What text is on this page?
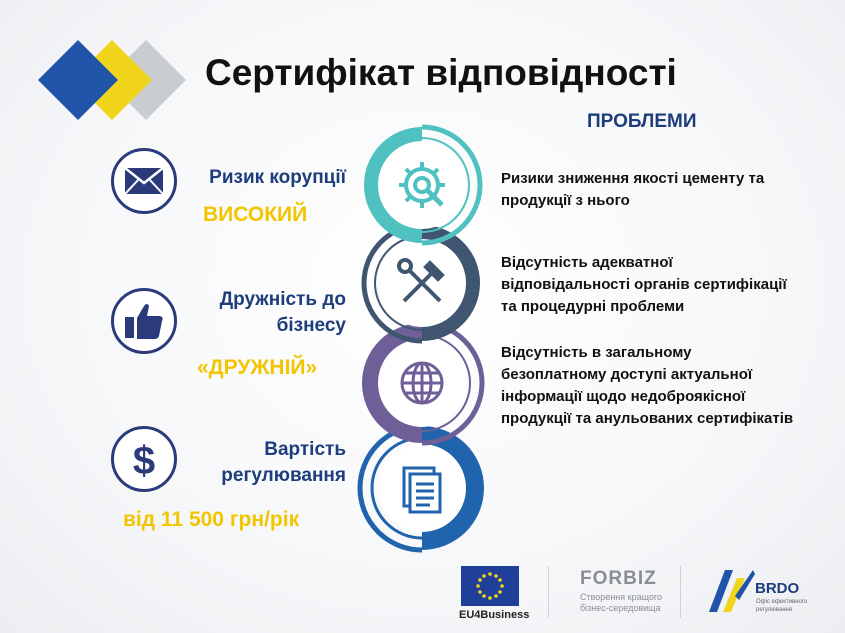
Сертифікат відповідності
ПРОБЛЕМИ
Ризик корупції
ВИСОКИЙ
Дружність до
бізнесу
«ДРУЖНІЙ»
$	Вартість
регулювання
від 11 500 грн/рік
Ризики зниження якості цементу та
продукції з нього
Відсутність адекватної
відповідальності органів сертифікації
та процедурні проблеми
Відсутність в загальному
безоплатному доступі актуальної
інформації щодо недоброякісної
продукції та анульованих сертифікатів
EU4Business
FORBIZ
Створення кращого
бізнес-середовища
BRDO
Офіс ефективного
регулювання
